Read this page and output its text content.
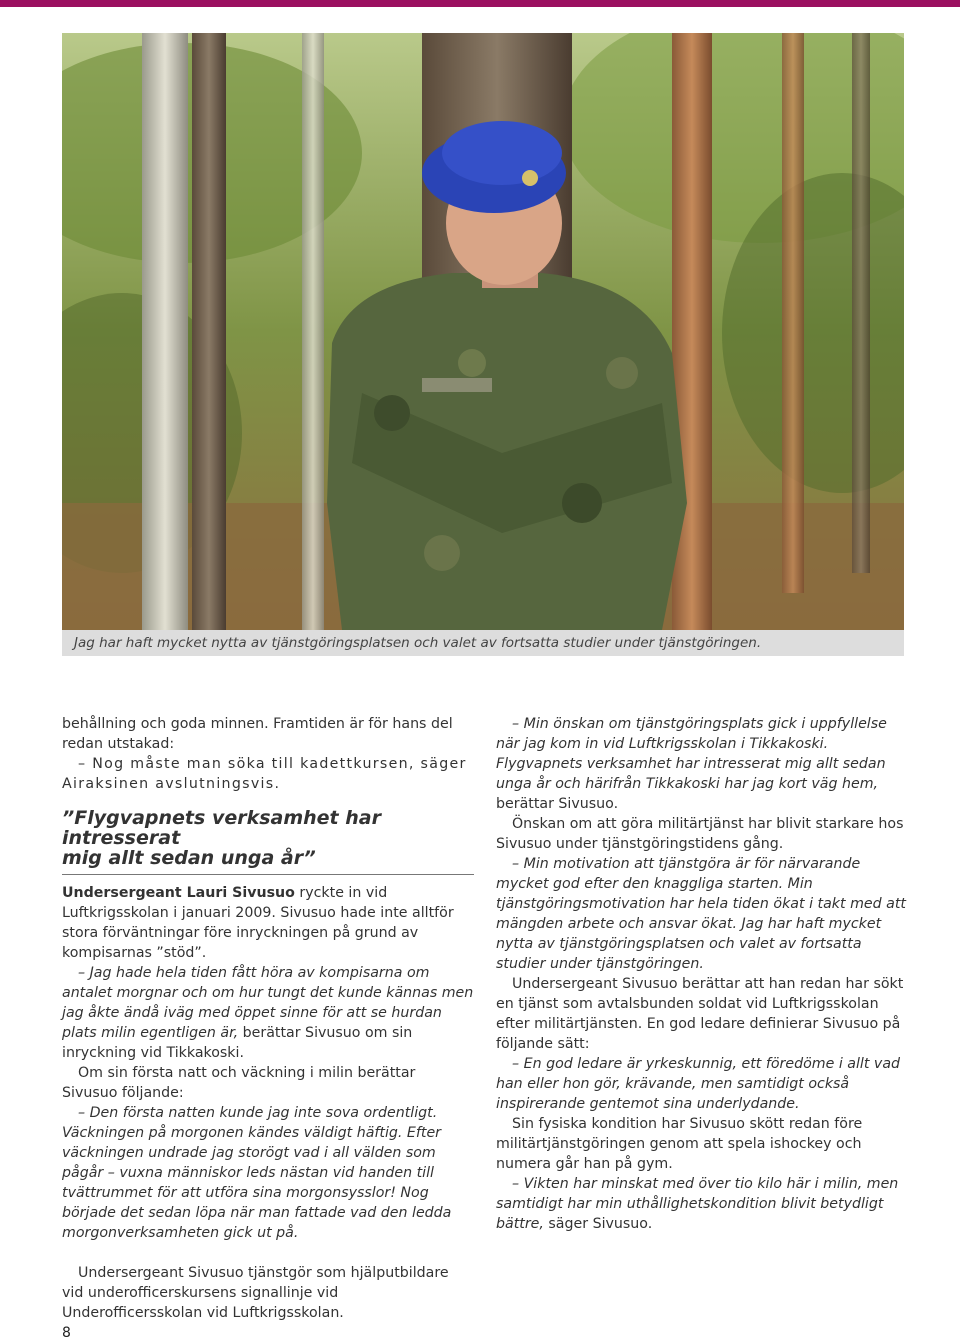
Jag har haft mycket nytta av tjänstgöringsplatsen och valet av fortsatta studier under tjänstgöringen.

behållning och goda minnen. Framtiden är för hans del redan utstakad:

– Nog måste man söka till kadettkursen, säger Airaksinen avslutningsvis.

”Flygvapnets verksamhet har intresserat
mig allt sedan unga år”

Undersergeant Lauri Sivusuo ryckte in vid Luftkrigsskolan i januari 2009. Sivusuo hade inte alltför stora förväntningar före inryckningen på grund av kompisarnas ”stöd”.

– Jag hade hela tiden fått höra av kompisarna om antalet morgnar och om hur tungt det kunde kännas men jag åkte ändå iväg med öppet sinne för att se hurdan plats milin egentligen är, berättar Sivusuo om sin inryckning vid Tikkakoski.

Om sin första natt och väckning i milin berättar Sivusuo följande:

– Den första natten kunde jag inte sova ordentligt. Väckningen på morgonen kändes väldigt häftig. Efter väckningen undrade jag storögt vad i all välden som pågår – vuxna människor leds nästan vid handen till tvättrummet för att utföra sina morgonsysslor! Nog började det sedan löpa när man fattade vad den ledda morgonverksamheten gick ut på.

Undersergeant Sivusuo tjänstgör som hjälputbildare vid underofficerskursens signallinje vid Underofficersskolan vid Luftkrigsskolan.

– Min önskan om tjänstgöringsplats gick i uppfyllelse när jag kom in vid Luftkrigsskolan i Tikkakoski. Flygvapnets verksamhet har intresserat mig allt sedan unga år och härifrån Tikkakoski har jag kort väg hem, berättar Sivusuo.

Önskan om att göra militärtjänst har blivit starkare hos Sivusuo under tjänstgöringstidens gång.

– Min motivation att tjänstgöra är för närvarande mycket god efter den knaggliga starten. Min tjänstgöringsmotivation har hela tiden ökat i takt med att mängden arbete och ansvar ökat. Jag har haft mycket nytta av tjänstgöringsplatsen och valet av fortsatta studier under tjänstgöringen.

Undersergeant Sivusuo berättar att han redan har sökt en tjänst som avtalsbunden soldat vid Luftkrigsskolan efter militärtjänsten. En god ledare definierar Sivusuo på följande sätt:

– En god ledare är yrkeskunnig, ett föredöme i allt vad han eller hon gör, krävande, men samtidigt också inspirerande gentemot sina underlydande.

Sin fysiska kondition har Sivusuo skött redan före militärtjänstgöringen genom att spela ishockey och numera går han på gym.

– Vikten har minskat med över tio kilo här i milin, men samtidigt har min uthållighetskondition blivit betydligt bättre, säger Sivusuo.

8
